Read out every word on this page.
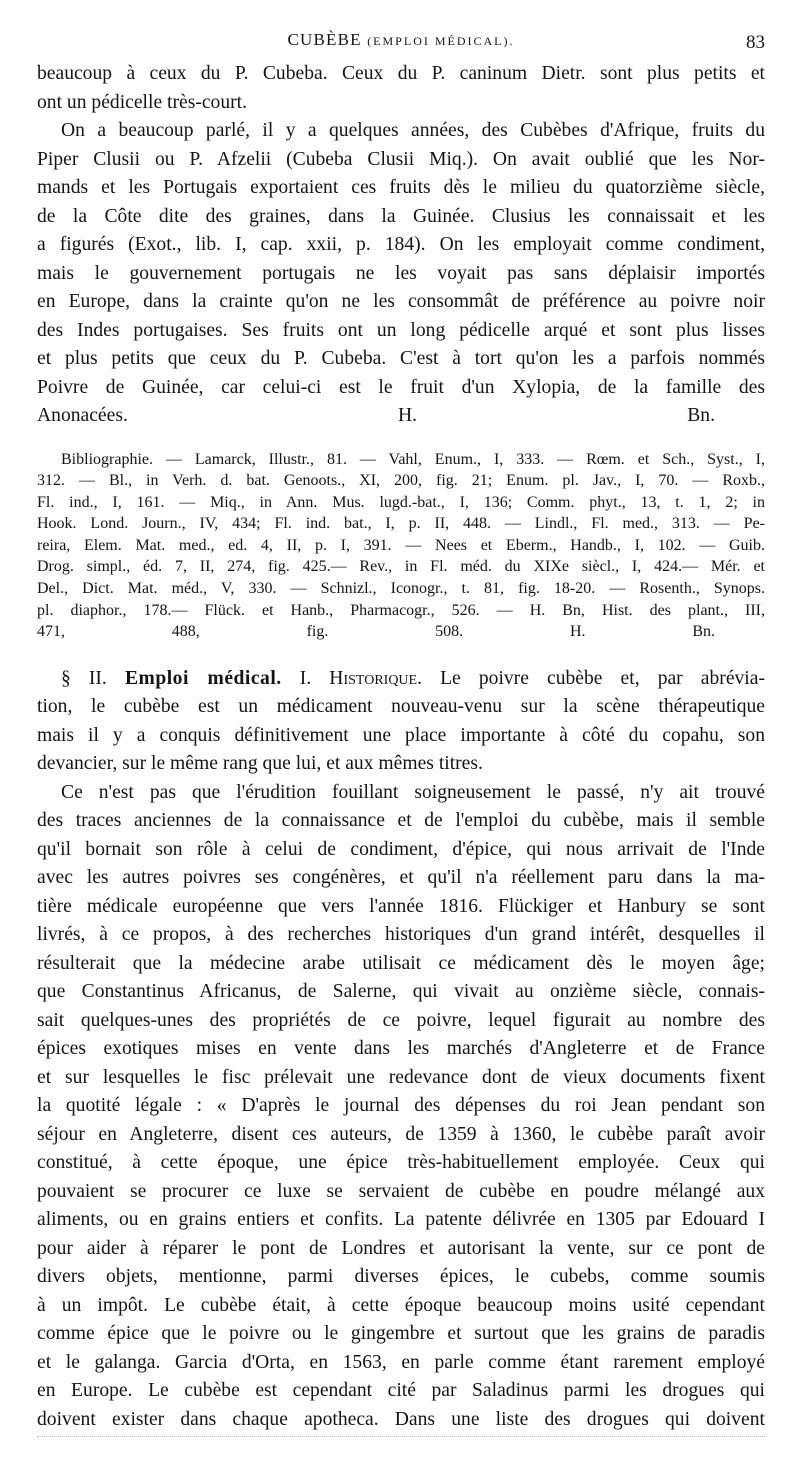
CUBÈBE (EMPLOI MÉDICAL).	83
beaucoup à ceux du P. Cubeba. Ceux du P. caninum Dietr. sont plus petits et
ont un pédicelle très-court.
On a beaucoup parlé, il y a quelques années, des Cubèbes d'Afrique, fruits du
Piper Clusii ou P. Afzelii (Cubeba Clusii Miq.). On avait oublié que les Nor-
mands et les Portugais exportaient ces fruits dès le milieu du quatorzième siècle,
de la Côte dite des graines, dans la Guinée. Clusius les connaissait et les
a figurés (Exot., lib. I, cap. xxii, p. 184). On les employait comme condiment,
mais le gouvernement portugais ne les voyait pas sans déplaisir importés
en Europe, dans la crainte qu'on ne les consommât de préférence au poivre noir
des Indes portugaises. Ses fruits ont un long pédicelle arqué et sont plus lisses
et plus petits que ceux du P. Cubeba. C'est à tort qu'on les a parfois nommés
Poivre de Guinée, car celui-ci est le fruit d'un Xylopia, de la famille des
Anonacées.	H. Bn.
Bibliographie. — Lamarck, Illustr., 81. — Vahl, Enum., I, 333. — Rœm. et Sch., Syst., I,
312. — Bl., in Verh. d. bat. Genoots., XI, 200, fig. 21; Enum. pl. Jav., I, 70. — Roxb.,
Fl. ind., I, 161. — Miq., in Ann. Mus. lugd.-bat., I, 136; Comm. phyt., 13, t. 1, 2; in
Hook. Lond. Journ., IV, 434; Fl. ind. bat., I, p. II, 448. — Lindl., Fl. med., 313. — Pe-
reira, Elem. Mat. med., ed. 4, II, p. I, 391. — Nees et Eberm., Handb., I, 102. — Guib.
Drog. simpl., éd. 7, II, 274, fig. 425.— Rev., in Fl. méd. du XIXe siècl., I, 424.— Mér. et
Del., Dict. Mat. méd., V, 330. — Schnizl., Iconogr., t. 81, fig. 18-20. — Rosenth., Synops.
pl. diaphor., 178.— Flück. et Hanb., Pharmacogr., 526. — H. Bn, Hist. des plant., III,
471, 488, fig. 508.	H. Bn.
§ II. Emploi médical. I. Historique. Le poivre cubèbe et, par abrévia-
tion, le cubèbe est un médicament nouveau-venu sur la scène thérapeutique
mais il y a conquis définitivement une place importante à côté du copahu, son
devancier, sur le même rang que lui, et aux mêmes titres.
Ce n'est pas que l'érudition fouillant soigneusement le passé, n'y ait trouvé
des traces anciennes de la connaissance et de l'emploi du cubèbe, mais il semble
qu'il bornait son rôle à celui de condiment, d'épice, qui nous arrivait de l'Inde
avec les autres poivres ses congénères, et qu'il n'a réellement paru dans la ma-
tière médicale européenne que vers l'année 1816. Flückiger et Hanbury se sont
livrés, à ce propos, à des recherches historiques d'un grand intérêt, desquelles il
résulterait que la médecine arabe utilisait ce médicament dès le moyen âge;
que Constantinus Africanus, de Salerne, qui vivait au onzième siècle, connais-
sait quelques-unes des propriétés de ce poivre, lequel figurait au nombre des
épices exotiques mises en vente dans les marchés d'Angleterre et de France
et sur lesquelles le fisc prélevait une redevance dont de vieux documents fixent
la quotité légale : « D'après le journal des dépenses du roi Jean pendant son
séjour en Angleterre, disent ces auteurs, de 1359 à 1360, le cubèbe paraît avoir
constitué, à cette époque, une épice très-habituellement employée. Ceux qui
pouvaient se procurer ce luxe se servaient de cubèbe en poudre mélangé aux
aliments, ou en grains entiers et confits. La patente délivrée en 1305 par Edouard I
pour aider à réparer le pont de Londres et autorisant la vente, sur ce pont de
divers objets, mentionne, parmi diverses épices, le cubebs, comme soumis
à un impôt. Le cubèbe était, à cette époque beaucoup moins usité cependant
comme épice que le poivre ou le gingembre et surtout que les grains de paradis
et le galanga. Garcia d'Orta, en 1563, en parle comme étant rarement employé
en Europe. Le cubèbe est cependant cité par Saladinus parmi les drogues qui
doivent exister dans chaque apotheca. Dans une liste des drogues qui doivent
